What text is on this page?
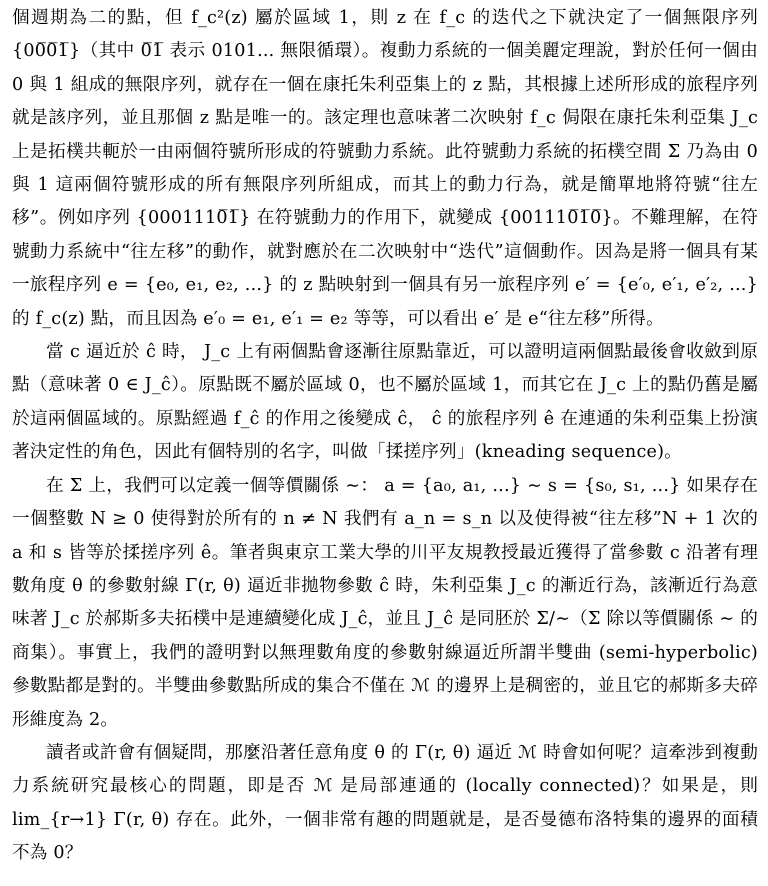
個週期為二的點，但 f_c²(z) 屬於區域 1，則 z 在 f_c 的迭代之下就決定了一個無限序列 {00̅0̅1̅}（其中 0̅1̅ 表示 0101... 無限循環）。複動力系統的一個美麗定理說，對於任何一個由 0 與 1 組成的無限序列，就存在一個在康托朱利亞集上的 z 點，其根據上述所形成的旅程序列就是該序列，並且那個 z 點是唯一的。該定理也意味著二次映射 f_c 侷限在康托朱利亞集 J_c 上是拓樸共軛於一由兩個符號所形成的符號動力系統。此符號動力系統的拓樸空間 Σ 乃為由 0 與 1 這兩個符號形成的所有無限序列所組成，而其上的動力行為，就是簡單地將符號“往左移”。例如序列 {0001110̅1̅} 在符號動力的作用下，就變成 {001110̅1̅0̅}。不難理解，在符號動力系統中“往左移”的動作，就對應於在二次映射中“迭代”這個動作。因為是將一個具有某一旅程序列 e = {e₀, e₁, e₂, ...} 的 z 點映射到一個具有另一旅程序列 e′ = {e′₀, e′₁, e′₂, ...} 的 f_c(z) 點，而且因為 e′₀ = e₁, e′₁ = e₂ 等等，可以看出 e′ 是 e“往左移”所得。

當 c 逼近於 ĉ 時， J_c 上有兩個點會逐漸往原點靠近，可以證明這兩個點最後會收斂到原點（意味著 0 ∈ J_ĉ）。原點既不屬於區域 0，也不屬於區域 1，而其它在 J_c 上的點仍舊是屬於這兩個區域的。原點經過 f_ĉ 的作用之後變成 ĉ， ĉ 的旅程序列 ê 在連通的朱利亞集上扮演著決定性的角色，因此有個特別的名字，叫做「揉搓序列」(kneading sequence)。

在 Σ 上，我們可以定義一個等價關係 ∼： a = {a₀, a₁, ...} ∼ s = {s₀, s₁, ...} 如果存在一個整數 N ≥ 0 使得對於所有的 n ≠ N 我們有 a_n = s_n 以及使得被“往左移”N + 1 次的 a 和 s 皆等於揉搓序列 ê。筆者與東京工業大學的川平友規教授最近獲得了當參數 c 沿著有理數角度 θ 的參數射線 Γ(r, θ) 逼近非拋物參數 ĉ 時，朱利亞集 J_c 的漸近行為，該漸近行為意味著 J_c 於郝斯多夫拓樸中是連續變化成 J_ĉ，並且 J_ĉ 是同胚於 Σ/∼（Σ 除以等價關係 ∼ 的商集）。事實上，我們的證明對以無理數角度的參數射線逼近所謂半雙曲 (semi-hyperbolic) 參數點都是對的。半雙曲參數點所成的集合不僅在 ℳ 的邊界上是稠密的，並且它的郝斯多夫碎形維度為 2。

讀者或許會有個疑問，那麼沿著任意角度 θ 的 Γ(r, θ) 逼近 ℳ 時會如何呢？這牽涉到複動力系統研究最核心的問題，即是否 ℳ 是局部連通的 (locally connected)？如果是，則 lim_{r→1} Γ(r, θ) 存在。此外，一個非常有趣的問題就是，是否曼德布洛特集的邊界的面積不為 0？
